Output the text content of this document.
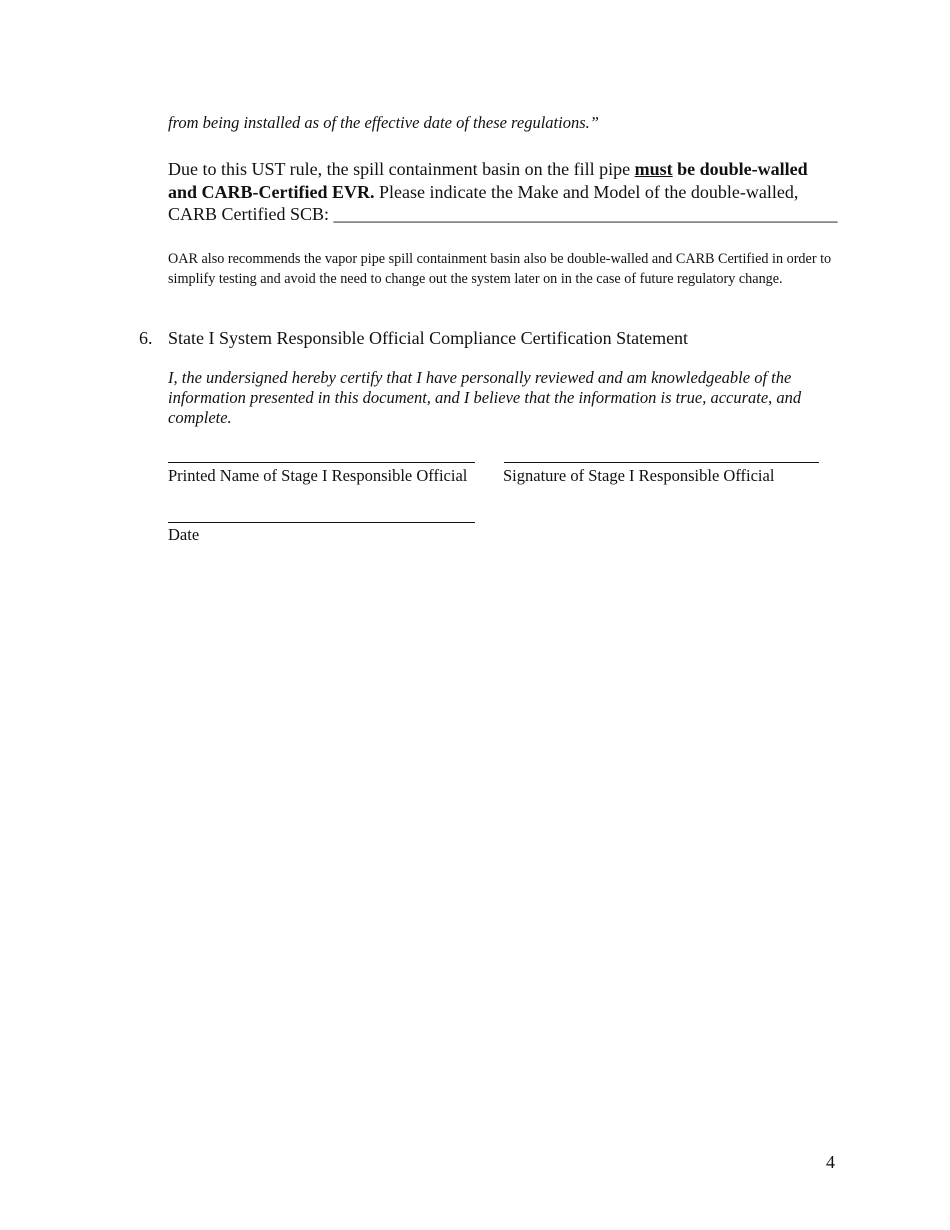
from being installed as of the effective date of these regulations.”
Due to this UST rule, the spill containment basin on the fill pipe must be double-walled
and CARB-Certified EVR. Please indicate the Make and Model of the double-walled,
CARB Certified SCB: ________________________________________________________
OAR also recommends the vapor pipe spill containment basin also be double-walled and CARB Certified in order to simplify testing and avoid the need to change out the system later on in the case of future regulatory change.
6. State I System Responsible Official Compliance Certification Statement
I, the undersigned hereby certify that I have personally reviewed and am knowledgeable of the information presented in this document, and I believe that the information is true, accurate, and complete.
Printed Name of Stage I Responsible Official Signature of Stage I Responsible Official
Date
4
